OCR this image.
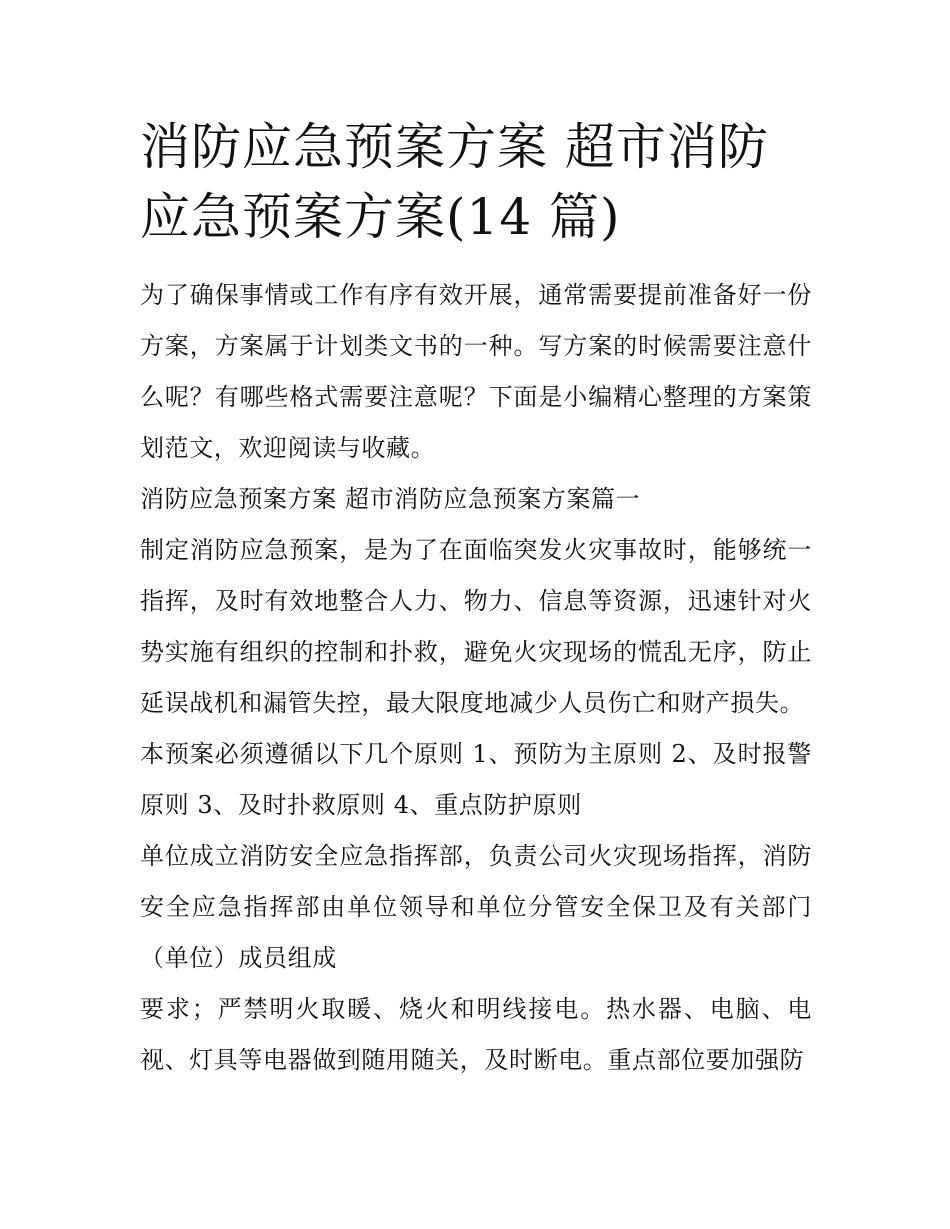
消防应急预案方案 超市消防应急预案方案(14 篇)

为了确保事情或工作有序有效开展，通常需要提前准备好一份方案，方案属于计划类文书的一种。写方案的时候需要注意什么呢？有哪些格式需要注意呢？下面是小编精心整理的方案策划范文，欢迎阅读与收藏。

消防应急预案方案 超市消防应急预案方案篇一

制定消防应急预案，是为了在面临突发火灾事故时，能够统一指挥，及时有效地整合人力、物力、信息等资源，迅速针对火势实施有组织的控制和扑救，避免火灾现场的慌乱无序，防止延误战机和漏管失控，最大限度地减少人员伤亡和财产损失。

本预案必须遵循以下几个原则 1、预防为主原则 2、及时报警原则 3、及时扑救原则 4、重点防护原则

单位成立消防安全应急指挥部，负责公司火灾现场指挥，消防安全应急指挥部由单位领导和单位分管安全保卫及有关部门（单位）成员组成

要求；严禁明火取暖、烧火和明线接电。热水器、电脑、电视、灯具等电器做到随用随关，及时断电。重点部位要加强防
